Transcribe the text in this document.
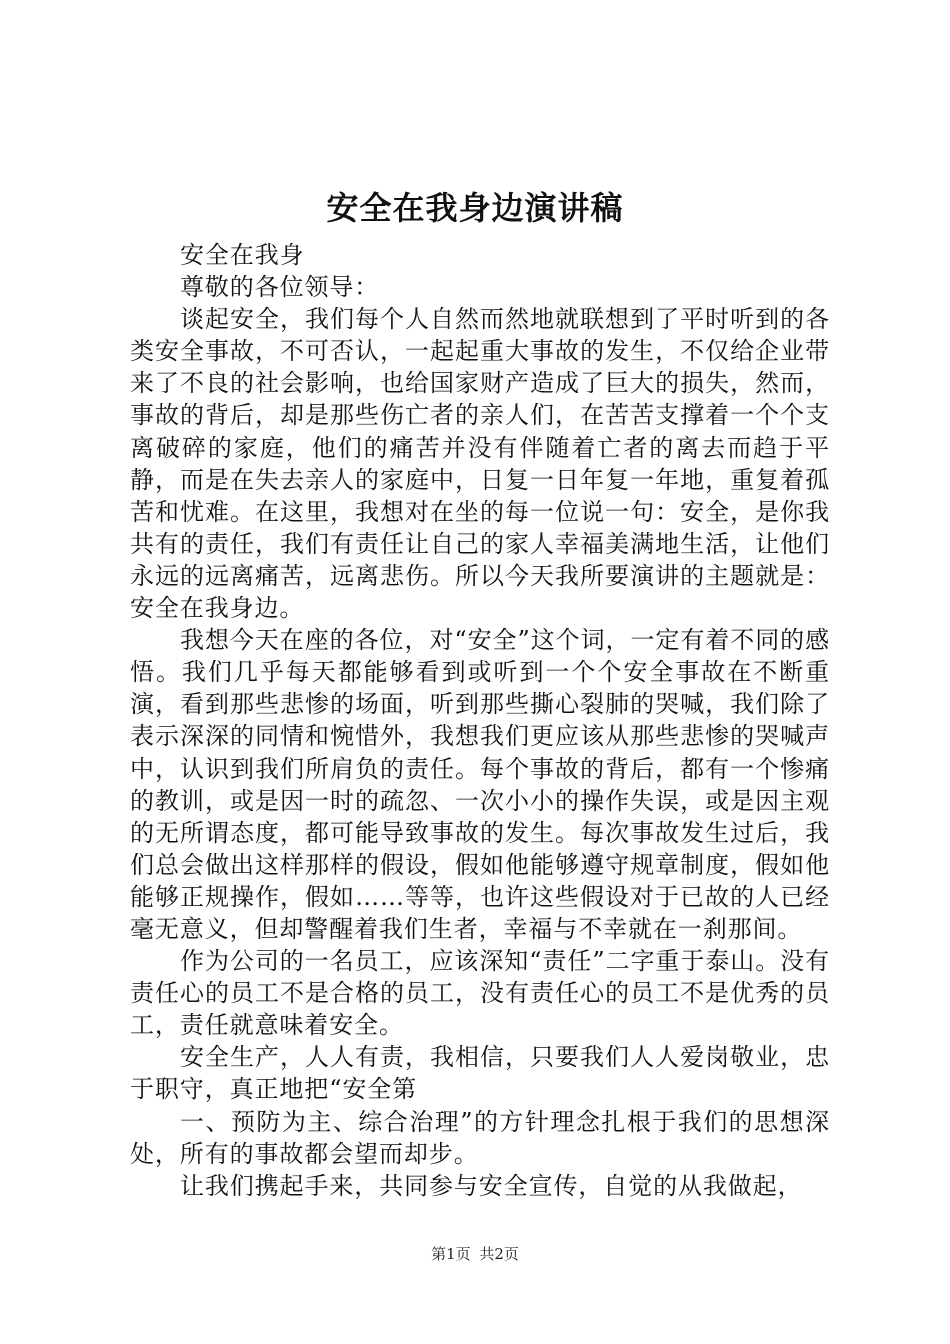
安全在我身边演讲稿

安全在我身

尊敬的各位领导：

谈起安全，我们每个人自然而然地就联想到了平时听到的各类安全事故，不可否认，一起起重大事故的发生，不仅给企业带来了不良的社会影响，也给国家财产造成了巨大的损失，然而，事故的背后，却是那些伤亡者的亲人们，在苦苦支撑着一个个支离破碎的家庭，他们的痛苦并没有伴随着亡者的离去而趋于平静，而是在失去亲人的家庭中，日复一日年复一年地，重复着孤苦和忧难。在这里，我想对在坐的每一位说一句：安全，是你我共有的责任，我们有责任让自己的家人幸福美满地生活，让他们永远的远离痛苦，远离悲伤。所以今天我所要演讲的主题就是：安全在我身边。

我想今天在座的各位，对“安全”这个词，一定有着不同的感悟。我们几乎每天都能够看到或听到一个个安全事故在不断重演，看到那些悲惨的场面，听到那些撕心裂肺的哭喊，我们除了表示深深的同情和惋惜外，我想我们更应该从那些悲惨的哭喊声中，认识到我们所肩负的责任。每个事故的背后，都有一个惨痛的教训，或是因一时的疏忽、一次小小的操作失误，或是因主观的无所谓态度，都可能导致事故的发生。每次事故发生过后，我们总会做出这样那样的假设，假如他能够遵守规章制度，假如他能够正规操作，假如……等等，也许这些假设对于已故的人已经毫无意义，但却警醒着我们生者，幸福与不幸就在一刹那间。

作为公司的一名员工，应该深知“责任”二字重于泰山。没有责任心的员工不是合格的员工，没有责任心的员工不是优秀的员工，责任就意味着安全。

安全生产，人人有责，我相信，只要我们人人爱岗敬业，忠于职守，真正地把“安全第

一、预防为主、综合治理”的方针理念扎根于我们的思想深处，所有的事故都会望而却步。

让我们携起手来，共同参与安全宣传，自觉的从我做起，

第1页 共2页
